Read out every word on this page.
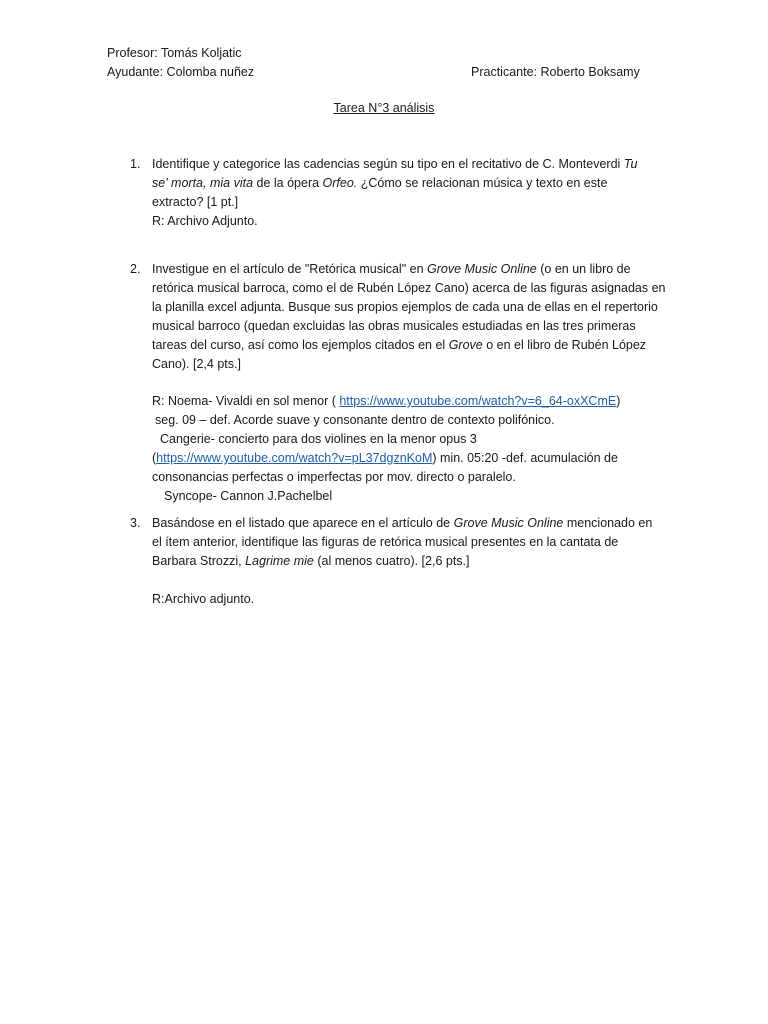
Profesor: Tomás Koljatic
Ayudante: Colomba nuñez	Practicante: Roberto Boksamy
Tarea N°3 análisis
1. Identifique y categorice las cadencias según su tipo en el recitativo de C. Monteverdi Tu
se' morta, mia vita de la ópera Orfeo. ¿Cómo se relacionan música y texto en este
extracto? [1 pt.]
R: Archivo Adjunto.
2. Investigue en el artículo de "Retórica musical" en Grove Music Online (o en un libro de
retórica musical barroca, como el de Rubén López Cano) acerca de las figuras asignadas en
la planilla excel adjunta. Busque sus propios ejemplos de cada una de ellas en el repertorio
musical barroco (quedan excluidas las obras musicales estudiadas en las tres primeras
tareas del curso, así como los ejemplos citados en el Grove o en el libro de Rubén López
Cano). [2,4 pts.]
R: Noema- Vivaldi en sol menor ( https://www.youtube.com/watch?v=6_64-oxXCmE)
seg. 09 – def. Acorde suave y consonante dentro de contexto polifónico.
Cangerie- concierto para dos violines en la menor opus 3
(https://www.youtube.com/watch?v=pL37dgznKoM) min. 05:20 -def. acumulación de
consonancias perfectas o imperfectas por mov. directo o paralelo.
Syncope- Cannon J.Pachelbel
3. Basándose en el listado que aparece en el artículo de Grove Music Online mencionado en
el ítem anterior, identifique las figuras de retórica musical presentes en la cantata de
Barbara Strozzi, Lagrime mie (al menos cuatro). [2,6 pts.]
R:Archivo adjunto.
